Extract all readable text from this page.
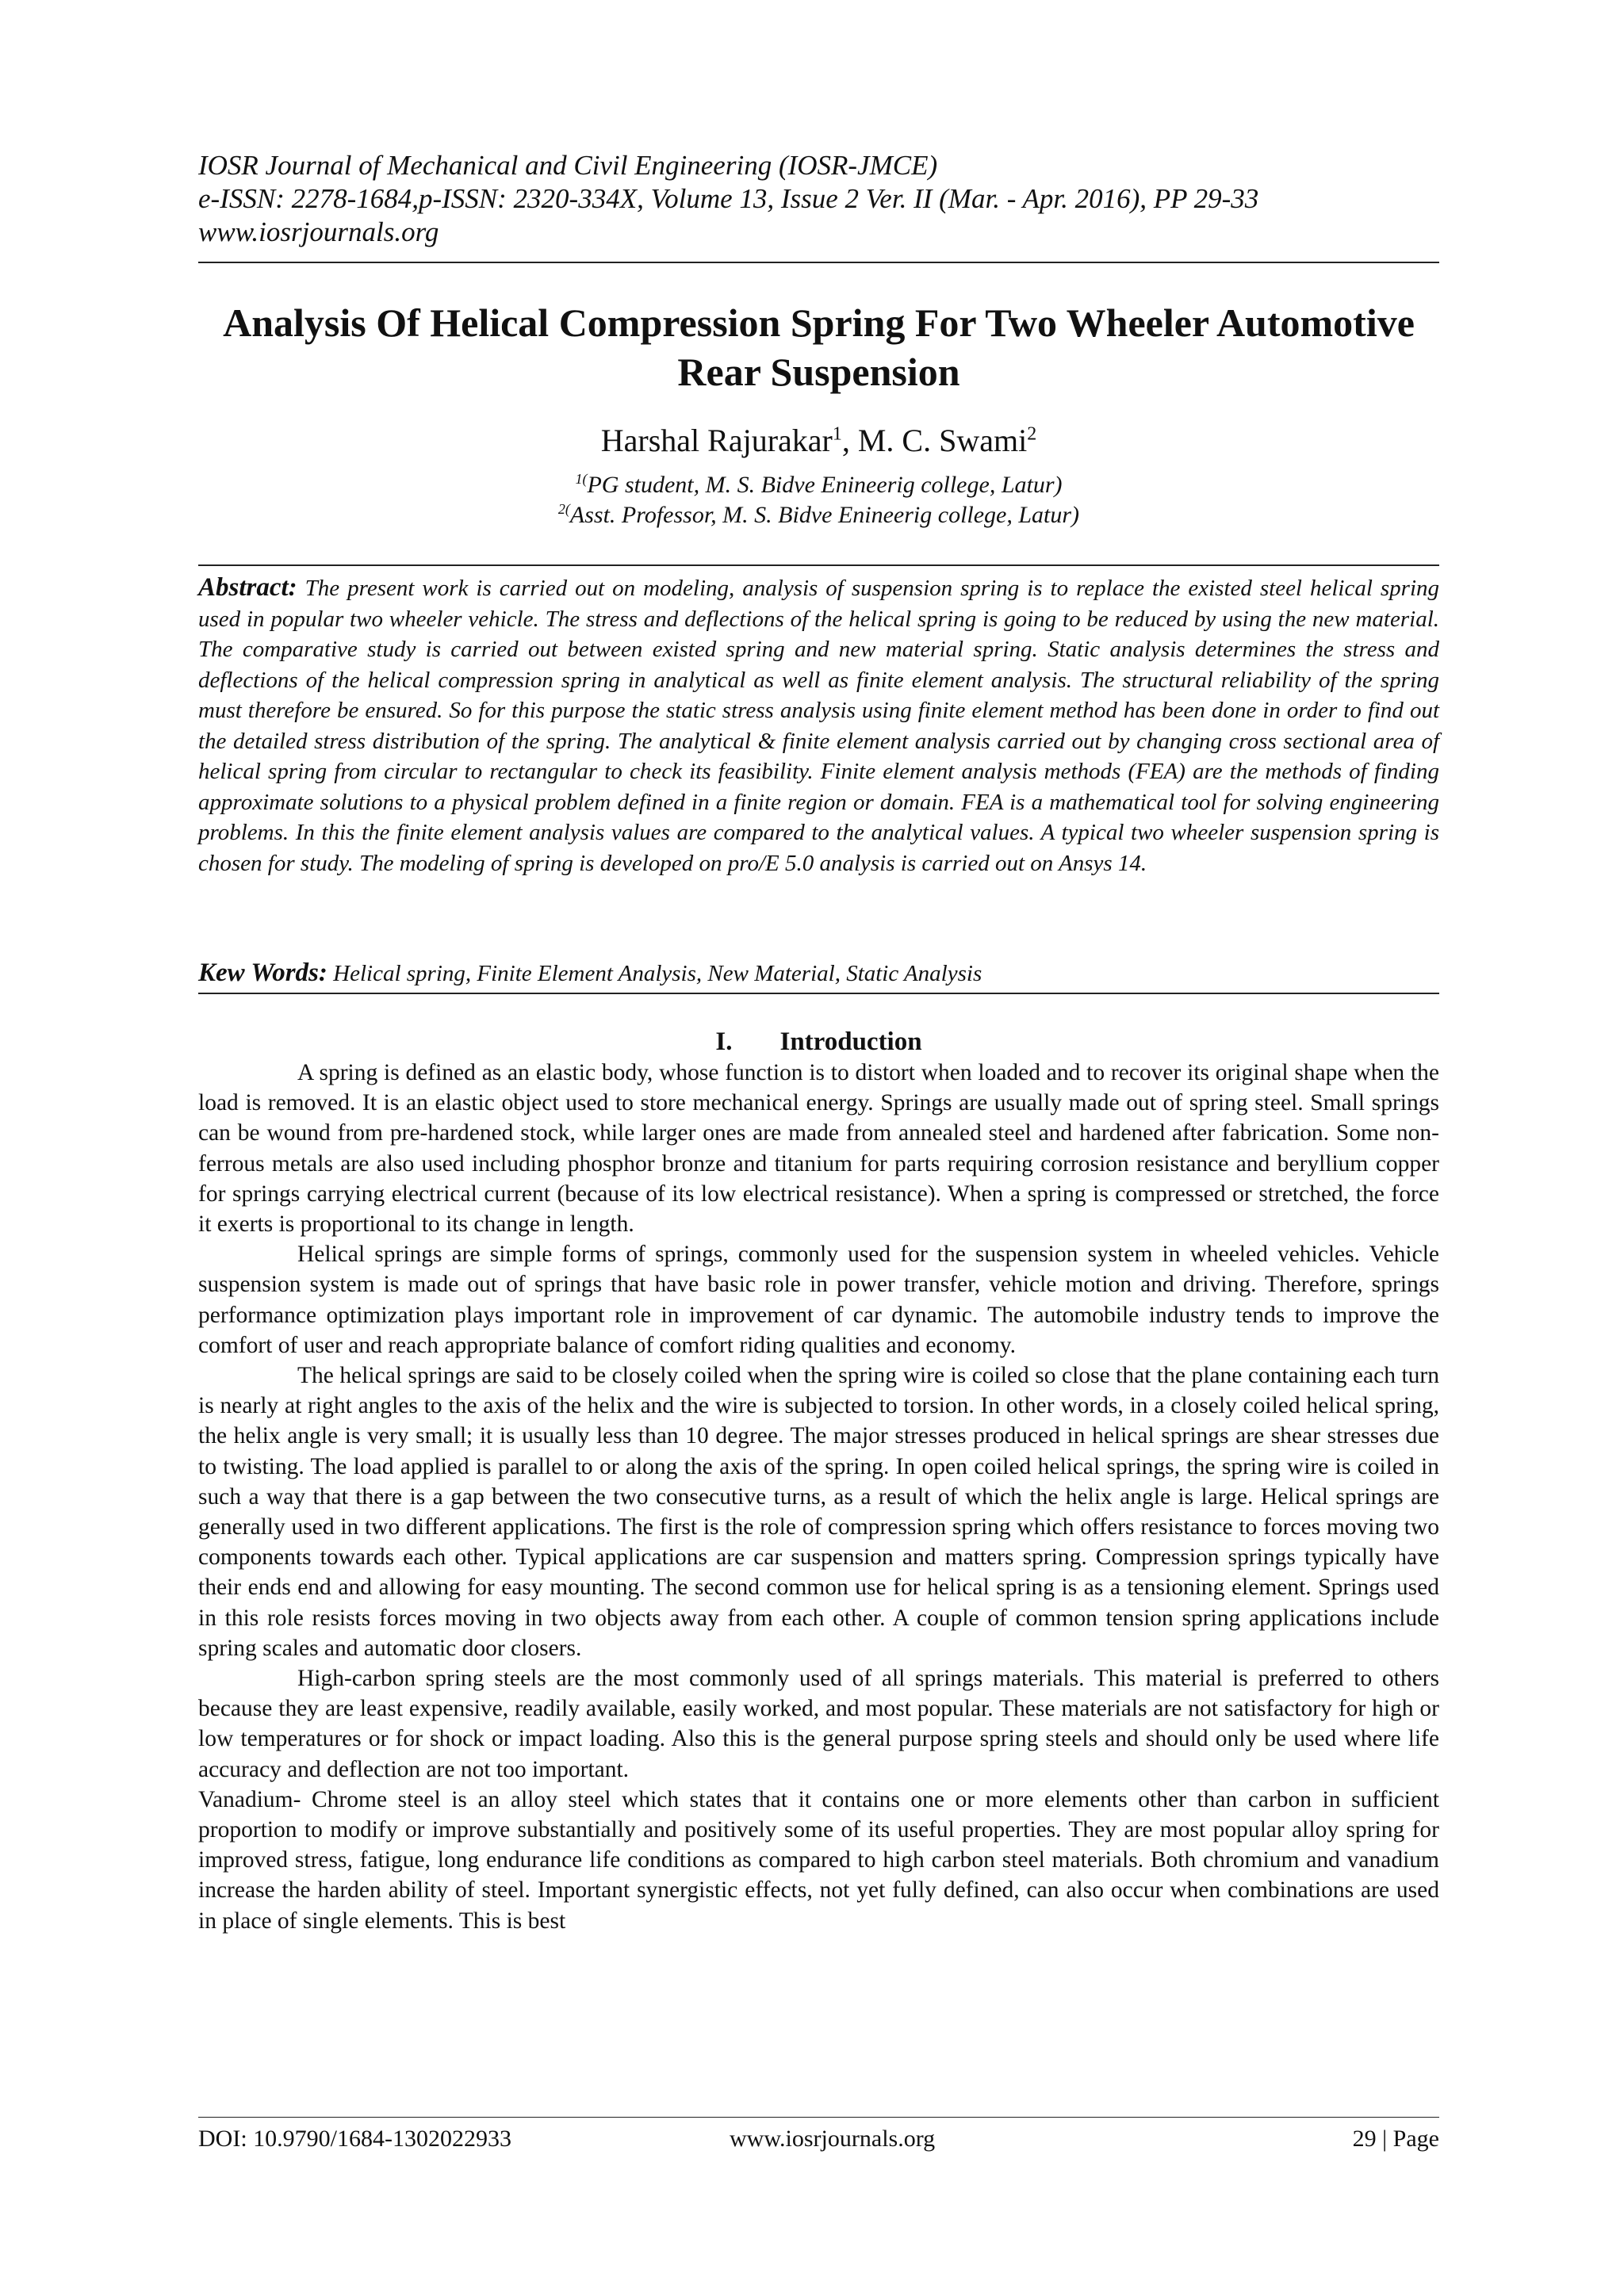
IOSR Journal of Mechanical and Civil Engineering (IOSR-JMCE)
e-ISSN: 2278-1684,p-ISSN: 2320-334X, Volume 13, Issue 2 Ver. II (Mar. - Apr. 2016), PP 29-33
www.iosrjournals.org
Analysis Of Helical Compression Spring For Two Wheeler Automotive Rear Suspension
Harshal Rajurakar$^1$, M. C. Swami$^2$
$^{1(}$PG student, M. S. Bidve Enineerig college, Latur)
$^{2(}$Asst. Professor, M. S. Bidve Enineerig college, Latur)
Abstract: The present work is carried out on modeling, analysis of suspension spring is to replace the existed steel helical spring used in popular two wheeler vehicle. The stress and deflections of the helical spring is going to be reduced by using the new material. The comparative study is carried out between existed spring and new material spring. Static analysis determines the stress and deflections of the helical compression spring in analytical as well as finite element analysis. The structural reliability of the spring must therefore be ensured. So for this purpose the static stress analysis using finite element method has been done in order to find out the detailed stress distribution of the spring. The analytical & finite element analysis carried out by changing cross sectional area of helical spring from circular to rectangular to check its feasibility. Finite element analysis methods (FEA) are the methods of finding approximate solutions to a physical problem defined in a finite region or domain. FEA is a mathematical tool for solving engineering problems. In this the finite element analysis values are compared to the analytical values. A typical two wheeler suspension spring is chosen for study. The modeling of spring is developed on pro/E 5.0 analysis is carried out on Ansys 14.
Kew Words: Helical spring, Finite Element Analysis, New Material, Static Analysis
I. Introduction

A spring is defined as an elastic body, whose function is to distort when loaded and to recover its original shape when the load is removed. It is an elastic object used to store mechanical energy. Springs are usually made out of spring steel. Small springs can be wound from pre-hardened stock, while larger ones are made from annealed steel and hardened after fabrication. Some non-ferrous metals are also used including phosphor bronze and titanium for parts requiring corrosion resistance and beryllium copper for springs carrying electrical current (because of its low electrical resistance). When a spring is compressed or stretched, the force it exerts is proportional to its change in length.

Helical springs are simple forms of springs, commonly used for the suspension system in wheeled vehicles. Vehicle suspension system is made out of springs that have basic role in power transfer, vehicle motion and driving. Therefore, springs performance optimization plays important role in improvement of car dynamic. The automobile industry tends to improve the comfort of user and reach appropriate balance of comfort riding qualities and economy.

The helical springs are said to be closely coiled when the spring wire is coiled so close that the plane containing each turn is nearly at right angles to the axis of the helix and the wire is subjected to torsion. In other words, in a closely coiled helical spring, the helix angle is very small; it is usually less than 10 degree. The major stresses produced in helical springs are shear stresses due to twisting. The load applied is parallel to or along the axis of the spring. In open coiled helical springs, the spring wire is coiled in such a way that there is a gap between the two consecutive turns, as a result of which the helix angle is large. Helical springs are generally used in two different applications. The first is the role of compression spring which offers resistance to forces moving two components towards each other. Typical applications are car suspension and matters spring. Compression springs typically have their ends end and allowing for easy mounting. The second common use for helical spring is as a tensioning element. Springs used in this role resists forces moving in two objects away from each other. A couple of common tension spring applications include spring scales and automatic door closers.

High-carbon spring steels are the most commonly used of all springs materials. This material is preferred to others because they are least expensive, readily available, easily worked, and most popular. These materials are not satisfactory for high or low temperatures or for shock or impact loading. Also this is the general purpose spring steels and should only be used where life accuracy and deflection are not too important.

Vanadium- Chrome steel is an alloy steel which states that it contains one or more elements other than carbon in sufficient proportion to modify or improve substantially and positively some of its useful properties. They are most popular alloy spring for improved stress, fatigue, long endurance life conditions as compared to high carbon steel materials. Both chromium and vanadium increase the harden ability of steel. Important synergistic effects, not yet fully defined, can also occur when combinations are used in place of single elements. This is best

DOI: 10.9790/1684-1302022933	www.iosrjournals.org	29 | Page
